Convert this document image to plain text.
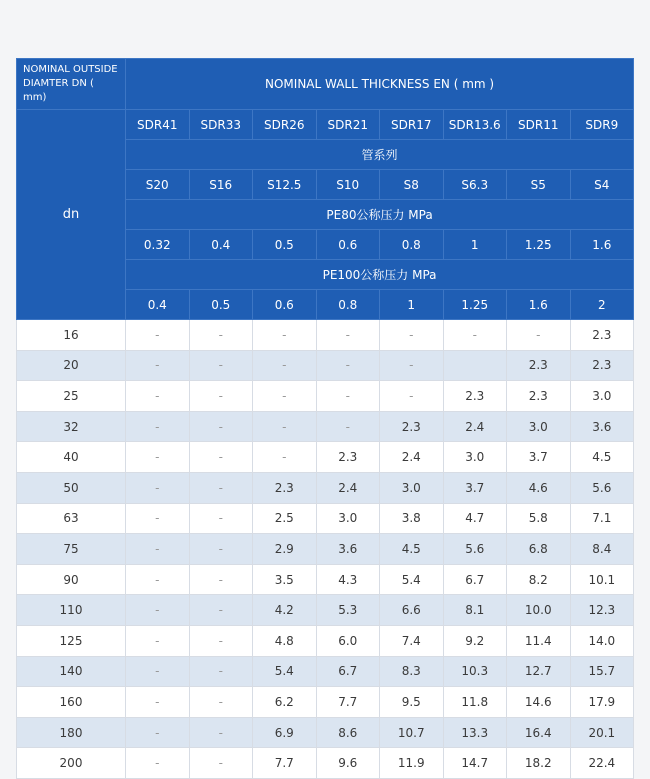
NOMINAL OUTSIDE
DIAMTER DN ( mm)	NOMINAL WALL THICKNESS EN ( mm )							
dn	SDR41	SDR33	SDR26	SDR21	SDR17	SDR13.6	SDR11	SDR9
	管系列							
	S20	S16	S12.5	S10	S8	S6.3	S5	S4
	PE80公称压力 MPa							
	0.32	0.4	0.5	0.6	0.8	1	1.25	1.6
	PE100公称压力 MPa							
	0.4	0.5	0.6	0.8	1	1.25	1.6	2
16	-	-	-	-	-	-	-	2.3
20	-	-	-	-	-		2.3	2.3
25	-	-	-	-	-	2.3	2.3	3.0
32	-	-	-	-	2.3	2.4	3.0	3.6
40	-	-	-	2.3	2.4	3.0	3.7	4.5
50	-	-	2.3	2.4	3.0	3.7	4.6	5.6
63	-	-	2.5	3.0	3.8	4.7	5.8	7.1
75	-	-	2.9	3.6	4.5	5.6	6.8	8.4
90	-	-	3.5	4.3	5.4	6.7	8.2	10.1
110	-	-	4.2	5.3	6.6	8.1	10.0	12.3
125	-	-	4.8	6.0	7.4	9.2	11.4	14.0
140	-	-	5.4	6.7	8.3	10.3	12.7	15.7
160	-	-	6.2	7.7	9.5	11.8	14.6	17.9
180	-	-	6.9	8.6	10.7	13.3	16.4	20.1
200	-	-	7.7	9.6	11.9	14.7	18.2	22.4
